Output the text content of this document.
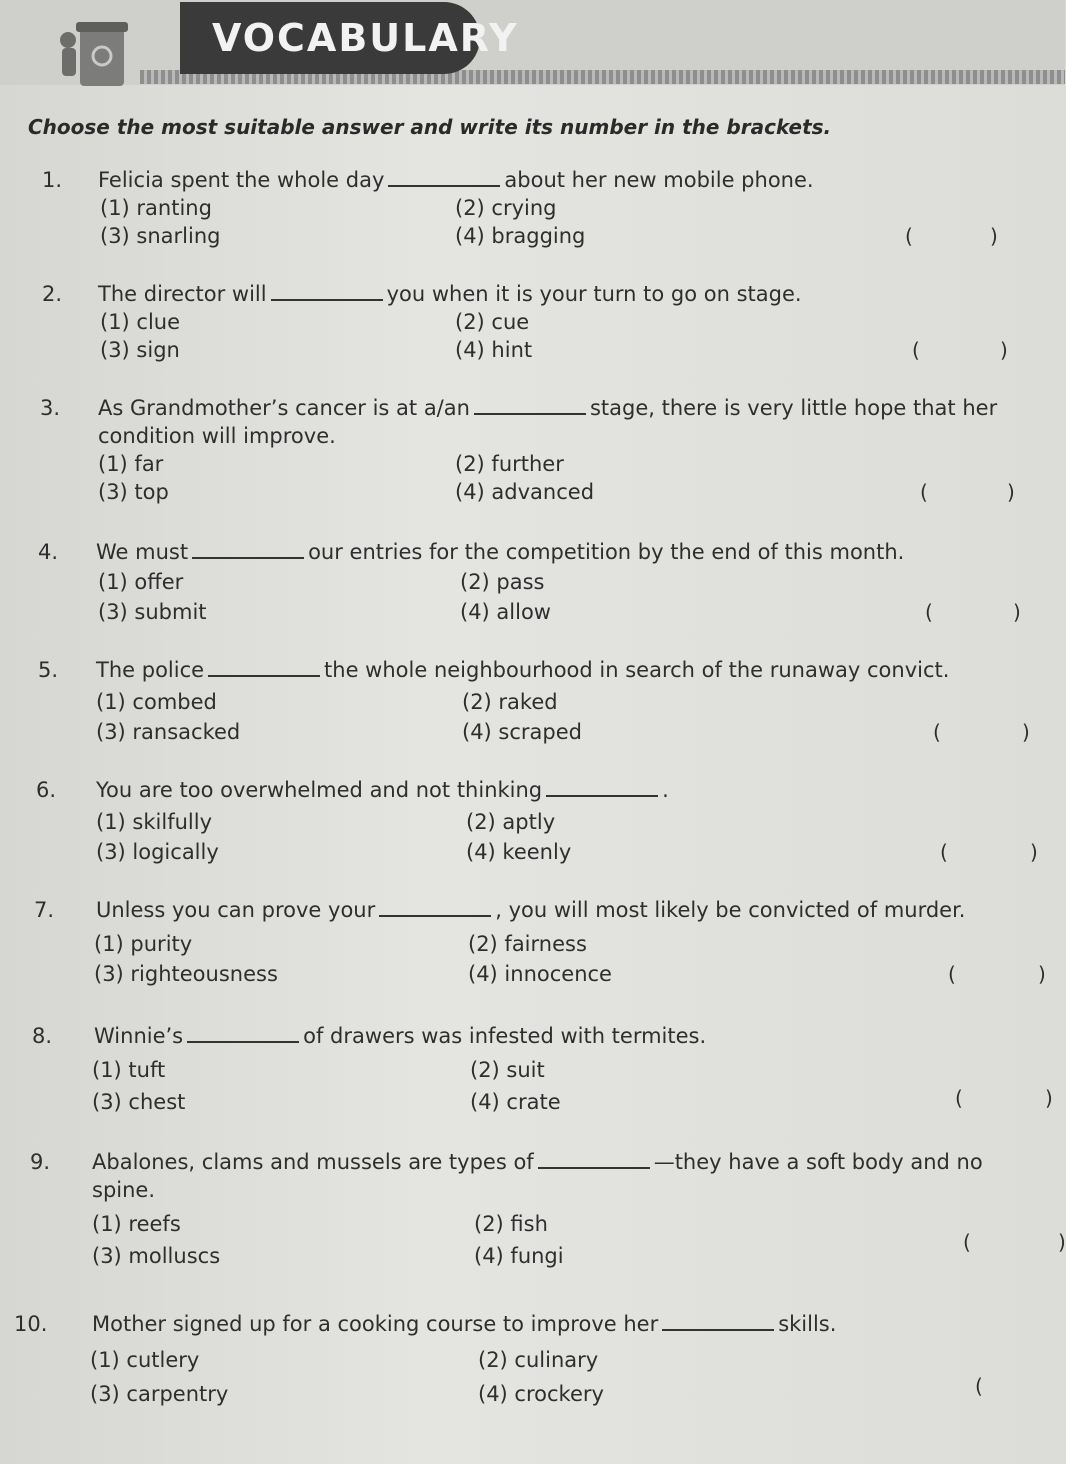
VOCABULARY
Choose the most suitable answer and write its number in the brackets.
1. Felicia spent the whole day	about her new mobile phone.
(1) ranting	(2) crying
(3) snarling	(4) bragging	(	)
2. The director will	you when it is your turn to go on stage.
(1) clue	(2) cue
(3) sign	(4) hint	(	)
3. As Grandmother’s cancer is at a/an	stage, there is very little hope that her
condition will improve.
(1) far	(2) further
(3) top	(4) advanced	(	)
4. We must	our entries for the competition by the end of this month.
(1) offer	(2) pass
(3) submit	(4) allow	(	)
5. The police	the whole neighbourhood in search of the runaway convict.
(1) combed	(2) raked
(3) ransacked	(4) scraped	(	)
6. You are too overwhelmed and not thinking	.
(1) skilfully	(2) aptly
(3) logically	(4) keenly	(	)
7. Unless you can prove your	, you will most likely be convicted of murder.
(1) purity	(2) fairness
(3) righteousness	(4) innocence	(	)
8. Winnie’s	of drawers was infested with termites.
(1) tuft	(2) suit
(3) chest	(4) crate	(	)
9. Abalones, clams and mussels are types of	—they have a soft body and no
spine.
(1) reefs	(2) fish
(3) molluscs	(4) fungi
(	)
10. Mother signed up for a cooking course to improve her	skills.
(1) cutlery	(2) culinary
(3) carpentry	(4) crockery	(
